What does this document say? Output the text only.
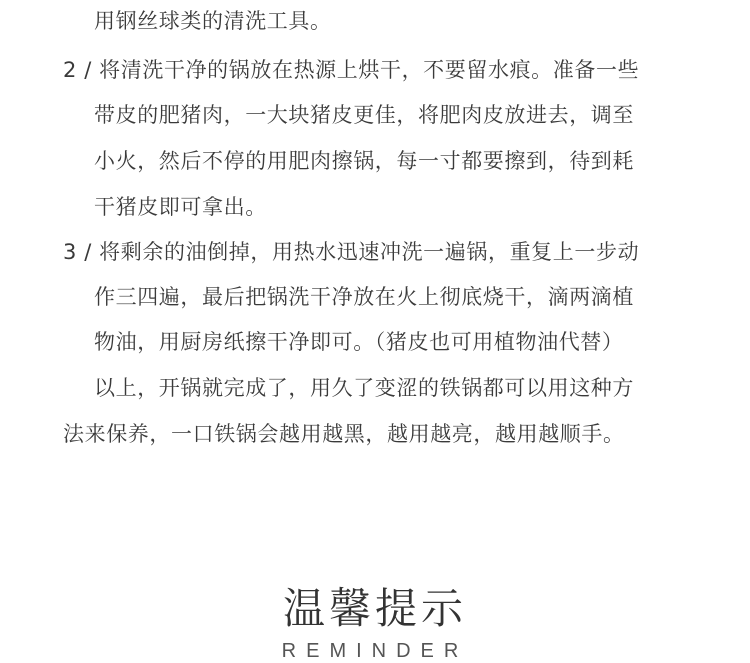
用钢丝球类的清洗工具。
2 / 将清洗干净的锅放在热源上烘干，不要留水痕。准备一些
带皮的肥猪肉，一大块猪皮更佳，将肥肉皮放进去，调至
小火，然后不停的用肥肉擦锅，每一寸都要擦到，待到耗
干猪皮即可拿出。
3 / 将剩余的油倒掉，用热水迅速冲洗一遍锅，重复上一步动
作三四遍，最后把锅洗干净放在火上彻底烧干，滴两滴植
物油，用厨房纸擦干净即可。（猪皮也可用植物油代替）
以上，开锅就完成了，用久了变涩的铁锅都可以用这种方
法来保养，一口铁锅会越用越黑，越用越亮，越用越顺手。
温馨提示
REMINDER
